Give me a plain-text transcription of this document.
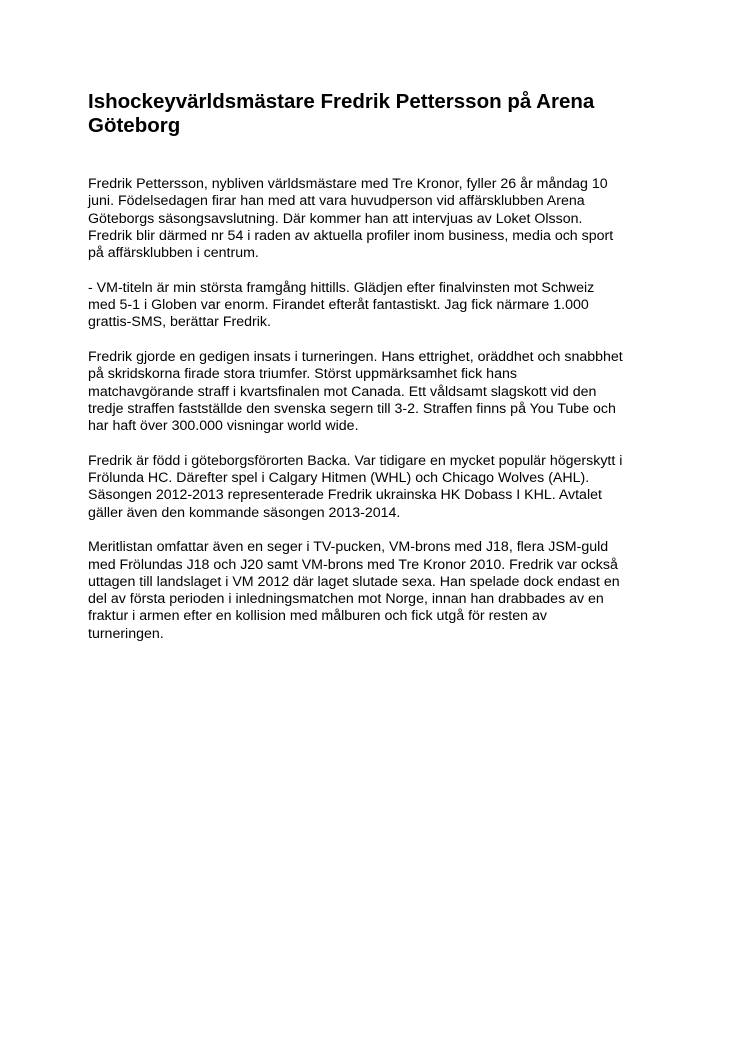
Ishockeyvärldsmästare Fredrik Pettersson på Arena
Göteborg

Fredrik Pettersson, nybliven världsmästare med Tre Kronor, fyller 26 år måndag 10
juni. Födelsedagen firar han med att vara huvudperson vid affärsklubben Arena
Göteborgs säsongsavslutning. Där kommer han att intervjuas av Loket Olsson.
Fredrik blir därmed nr 54 i raden av aktuella profiler inom business, media och sport
på affärsklubben i centrum.

- VM-titeln är min största framgång hittills. Glädjen efter finalvinsten mot Schweiz
med 5-1 i Globen var enorm. Firandet efteråt fantastiskt. Jag fick närmare 1.000
grattis-SMS, berättar Fredrik.

Fredrik gjorde en gedigen insats i turneringen. Hans ettrighet, oräddhet och snabbhet
på skridskorna firade stora triumfer. Störst uppmärksamhet fick hans
matchavgörande straff i kvartsfinalen mot Canada. Ett våldsamt slagskott vid den
tredje straffen fastställde den svenska segern till 3-2. Straffen finns på You Tube och
har haft över 300.000 visningar world wide.

Fredrik är född i göteborgsförorten Backa. Var tidigare en mycket populär högerskytt i
Frölunda HC. Därefter spel i Calgary Hitmen (WHL) och Chicago Wolves (AHL).
Säsongen 2012-2013 representerade Fredrik ukrainska HK Dobass I KHL. Avtalet
gäller även den kommande säsongen 2013-2014.

Meritlistan omfattar även en seger i TV-pucken, VM-brons med J18, flera JSM-guld
med Frölundas J18 och J20 samt VM-brons med Tre Kronor 2010. Fredrik var också
uttagen till landslaget i VM 2012 där laget slutade sexa. Han spelade dock endast en
del av första perioden i inledningsmatchen mot Norge, innan han drabbades av en
fraktur i armen efter en kollision med målburen och fick utgå för resten av
turneringen.
